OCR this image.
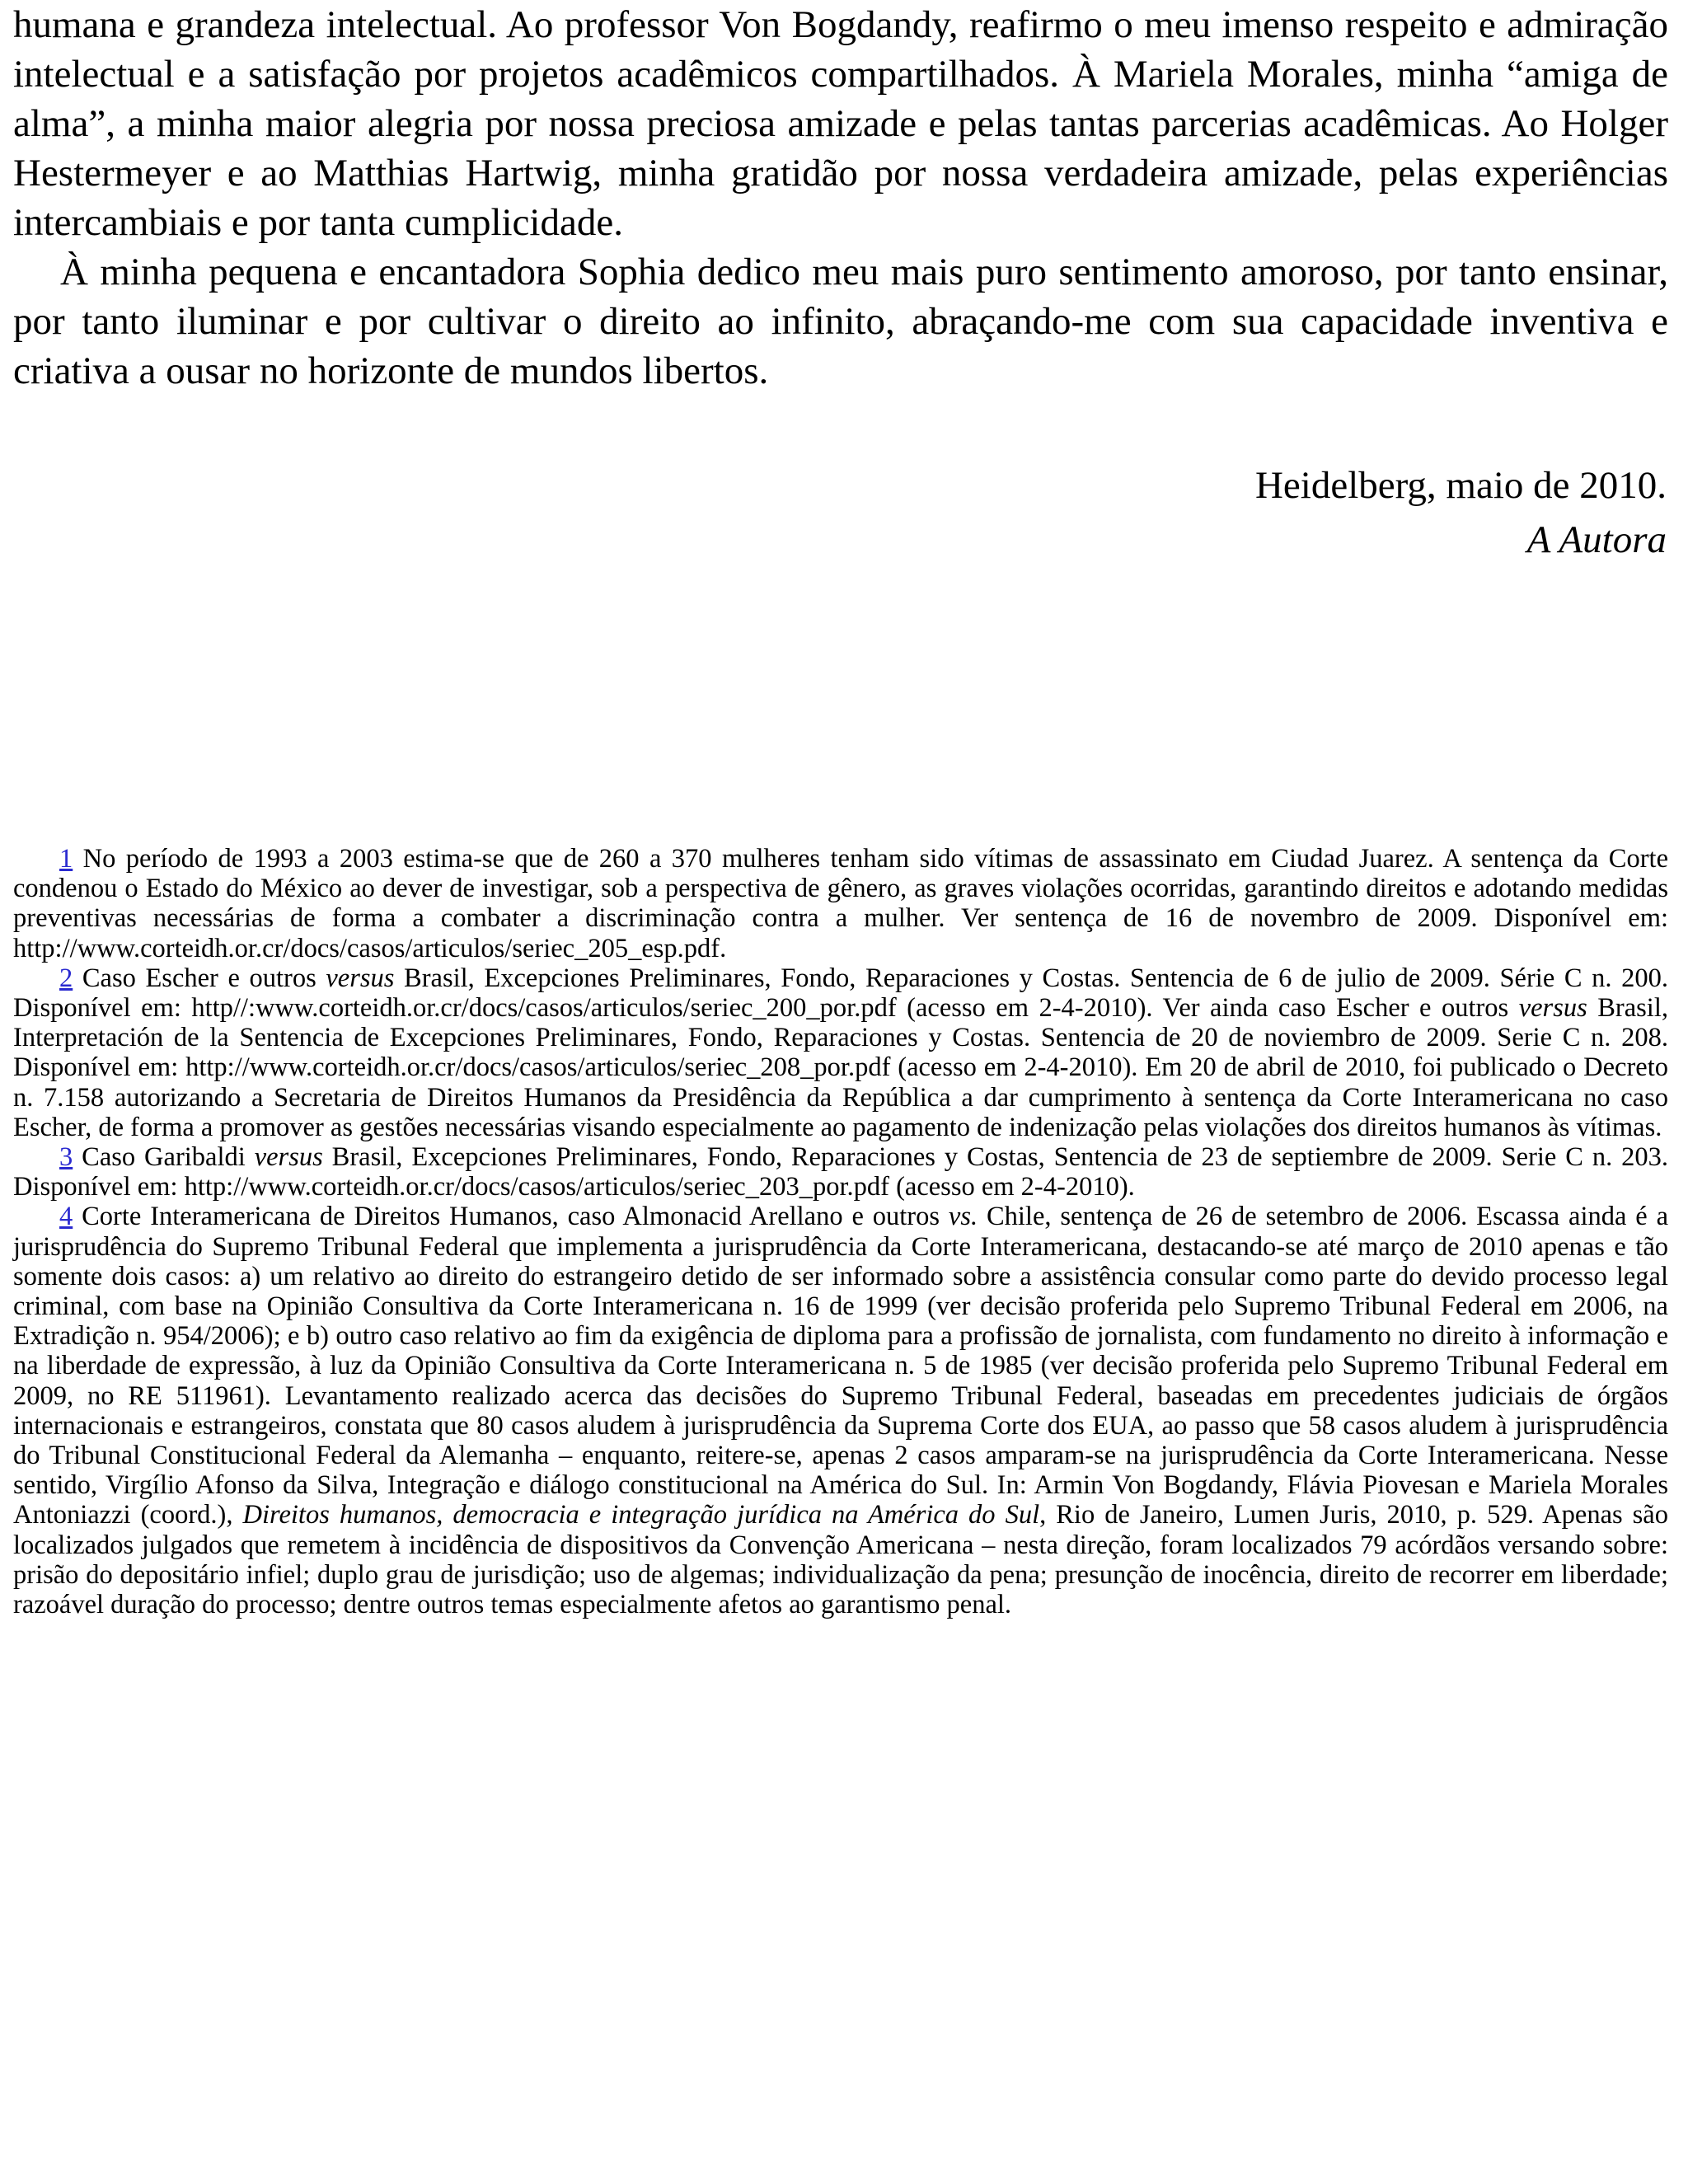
humana e grandeza intelectual. Ao professor Von Bogdandy, reafirmo o meu imenso respeito e admiração intelectual e a satisfação por projetos acadêmicos compartilhados. À Mariela Morales, minha “amiga de alma”, a minha maior alegria por nossa preciosa amizade e pelas tantas parcerias acadêmicas. Ao Holger Hestermeyer e ao Matthias Hartwig, minha gratidão por nossa verdadeira amizade, pelas experiências intercambiais e por tanta cumplicidade.

À minha pequena e encantadora Sophia dedico meu mais puro sentimento amoroso, por tanto ensinar, por tanto iluminar e por cultivar o direito ao infinito, abraçando-me com sua capacidade inventiva e criativa a ousar no horizonte de mundos libertos.

Heidelberg, maio de 2010.
A Autora

1 No período de 1993 a 2003 estima-se que de 260 a 370 mulheres tenham sido vítimas de assassinato em Ciudad Juarez. A sentença da Corte condenou o Estado do México ao dever de investigar, sob a perspectiva de gênero, as graves violações ocorridas, garantindo direitos e adotando medidas preventivas necessárias de forma a combater a discriminação contra a mulher. Ver sentença de 16 de novembro de 2009. Disponível em: http://www.corteidh.or.cr/docs/casos/articulos/seriec_205_esp.pdf.

2 Caso Escher e outros versus Brasil, Excepciones Preliminares, Fondo, Reparaciones y Costas. Sentencia de 6 de julio de 2009. Série C n. 200. Disponível em: http//:www.corteidh.or.cr/docs/casos/articulos/seriec_200_por.pdf (acesso em 2-4-2010). Ver ainda caso Escher e outros versus Brasil, Interpretación de la Sentencia de Excepciones Preliminares, Fondo, Reparaciones y Costas. Sentencia de 20 de noviembro de 2009. Serie C n. 208. Disponível em: http://www.corteidh.or.cr/docs/casos/articulos/seriec_208_por.pdf (acesso em 2-4-2010). Em 20 de abril de 2010, foi publicado o Decreto n. 7.158 autorizando a Secretaria de Direitos Humanos da Presidência da República a dar cumprimento à sentença da Corte Interamericana no caso Escher, de forma a promover as gestões necessárias visando especialmente ao pagamento de indenização pelas violações dos direitos humanos às vítimas.

3 Caso Garibaldi versus Brasil, Excepciones Preliminares, Fondo, Reparaciones y Costas, Sentencia de 23 de septiembre de 2009. Serie C n. 203. Disponível em: http://www.corteidh.or.cr/docs/casos/articulos/seriec_203_por.pdf (acesso em 2-4-2010).

4 Corte Interamericana de Direitos Humanos, caso Almonacid Arellano e outros vs. Chile, sentença de 26 de setembro de 2006. Escassa ainda é a jurisprudência do Supremo Tribunal Federal que implementa a jurisprudência da Corte Interamericana, destacando-se até março de 2010 apenas e tão somente dois casos: a) um relativo ao direito do estrangeiro detido de ser informado sobre a assistência consular como parte do devido processo legal criminal, com base na Opinião Consultiva da Corte Interamericana n. 16 de 1999 (ver decisão proferida pelo Supremo Tribunal Federal em 2006, na Extradição n. 954/2006); e b) outro caso relativo ao fim da exigência de diploma para a profissão de jornalista, com fundamento no direito à informação e na liberdade de expressão, à luz da Opinião Consultiva da Corte Interamericana n. 5 de 1985 (ver decisão proferida pelo Supremo Tribunal Federal em 2009, no RE 511961). Levantamento realizado acerca das decisões do Supremo Tribunal Federal, baseadas em precedentes judiciais de órgãos internacionais e estrangeiros, constata que 80 casos aludem à jurisprudência da Suprema Corte dos EUA, ao passo que 58 casos aludem à jurisprudência do Tribunal Constitucional Federal da Alemanha – enquanto, reitere-se, apenas 2 casos amparam-se na jurisprudência da Corte Interamericana. Nesse sentido, Virgílio Afonso da Silva, Integração e diálogo constitucional na América do Sul. In: Armin Von Bogdandy, Flávia Piovesan e Mariela Morales Antoniazzi (coord.), Direitos humanos, democracia e integração jurídica na América do Sul, Rio de Janeiro, Lumen Juris, 2010, p. 529. Apenas são localizados julgados que remetem à incidência de dispositivos da Convenção Americana – nesta direção, foram localizados 79 acórdãos versando sobre: prisão do depositário infiel; duplo grau de jurisdição; uso de algemas; individualização da pena; presunção de inocência, direito de recorrer em liberdade; razoável duração do processo; dentre outros temas especialmente afetos ao garantismo penal.
